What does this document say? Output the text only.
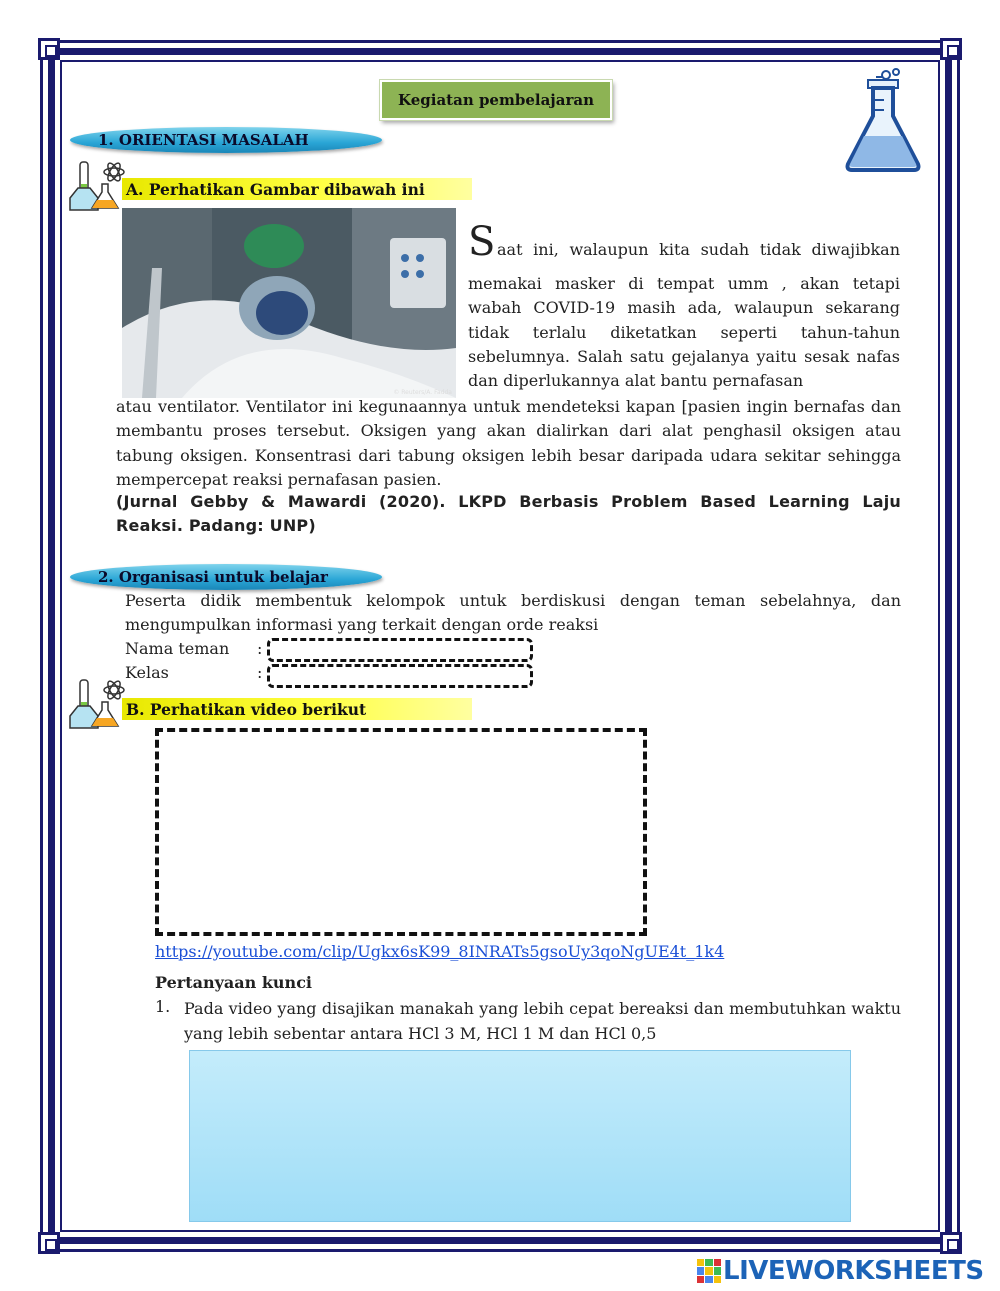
Kegiatan pembelajaran
1. ORIENTASI MASALAH
A. Perhatikan Gambar dibawah ini
© Reuters/A. Fadda
S aat ini, walaupun kita sudah tidak diwajibkan
memakai masker di tempat umm , akan tetapi wabah COVID-19 masih ada, walaupun sekarang tidak terlalu diketatkan seperti tahun-tahun sebelumnya. Salah satu gejalanya yaitu sesak nafas dan diperlukannya alat bantu pernafasan
atau ventilator. Ventilator ini kegunaannya untuk mendeteksi kapan [pasien ingin bernafas dan membantu proses tersebut. Oksigen yang akan dialirkan dari alat penghasil oksigen atau tabung oksigen. Konsentrasi dari tabung oksigen lebih besar daripada udara sekitar sehingga mempercepat reaksi pernafasan pasien.
(Jurnal Gebby & Mawardi (2020). LKPD Berbasis Problem Based Learning Laju Reaksi. Padang: UNP)
2. Organisasi untuk belajar
Peserta didik membentuk kelompok untuk berdiskusi dengan teman sebelahnya, dan mengumpulkan informasi yang terkait dengan orde reaksi
Nama teman :
Kelas	:
B. Perhatikan video berikut
https://youtube.com/clip/Ugkx6sK99_8INRATs5gsoUy3qoNgUE4t_1k4
Pertanyaan kunci
1. Pada video yang disajikan manakah yang lebih cepat bereaksi dan membutuhkan waktu yang lebih sebentar antara HCl 3 M, HCl 1 M dan HCl 0,5
LIVEWORKSHEETS
